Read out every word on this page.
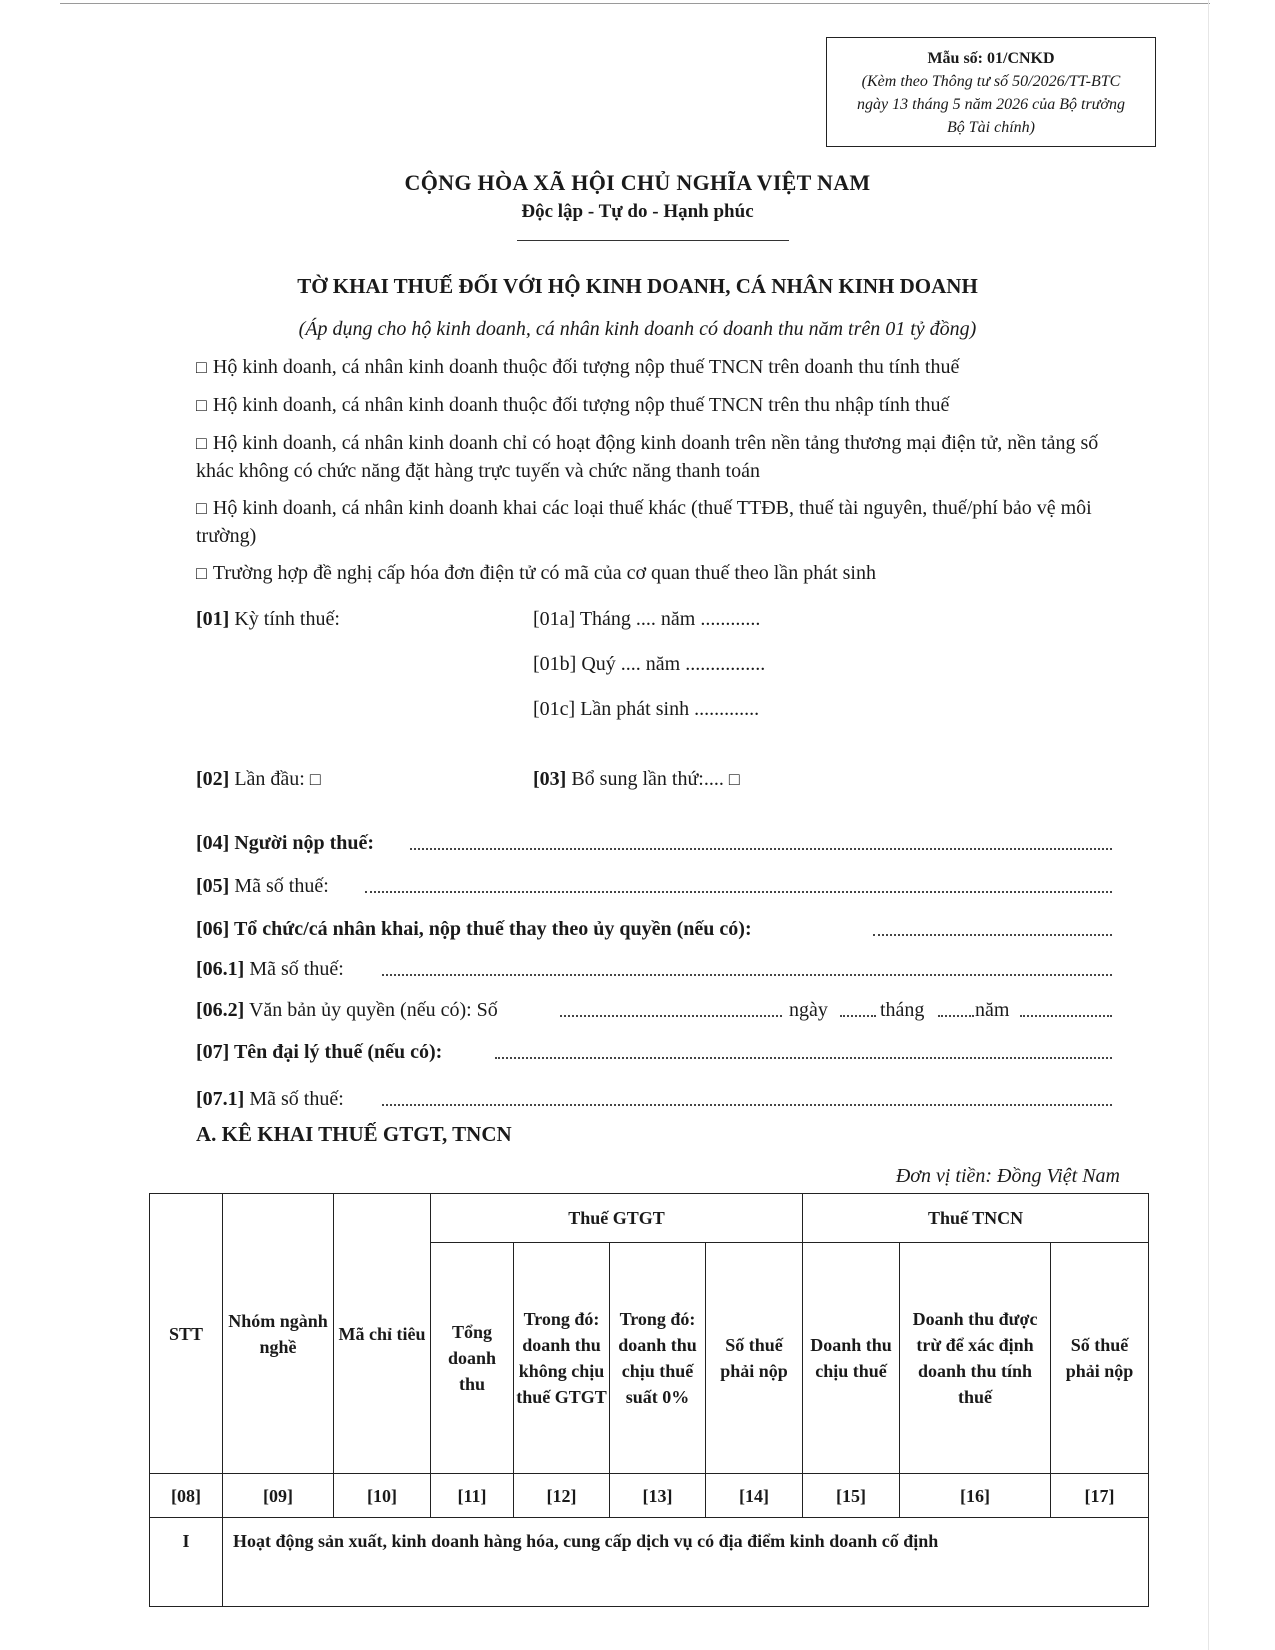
Mẫu số: 01/CNKD
(Kèm theo Thông tư số 50/2026/TT-BTC
ngày 13 tháng 5 năm 2026 của Bộ trưởng
Bộ Tài chính)
CỘNG HÒA XÃ HỘI CHỦ NGHĨA VIỆT NAM
Độc lập - Tự do - Hạnh phúc
TỜ KHAI THUẾ ĐỐI VỚI HỘ KINH DOANH, CÁ NHÂN KINH DOANH
(Áp dụng cho hộ kinh doanh, cá nhân kinh doanh có doanh thu năm trên 01 tỷ đồng)
□ Hộ kinh doanh, cá nhân kinh doanh thuộc đối tượng nộp thuế TNCN trên doanh thu tính thuế
□ Hộ kinh doanh, cá nhân kinh doanh thuộc đối tượng nộp thuế TNCN trên thu nhập tính thuế
□ Hộ kinh doanh, cá nhân kinh doanh chỉ có hoạt động kinh doanh trên nền tảng thương mại điện tử, nền tảng số khác không có chức năng đặt hàng trực tuyến và chức năng thanh toán
□ Hộ kinh doanh, cá nhân kinh doanh khai các loại thuế khác (thuế TTĐB, thuế tài nguyên, thuế/phí bảo vệ môi trường)
□ Trường hợp đề nghị cấp hóa đơn điện tử có mã của cơ quan thuế theo lần phát sinh
[01] Kỳ tính thuế:	[01a] Tháng .... năm ............
[01b] Quý .... năm ................
[01c] Lần phát sinh .............
[02] Lần đầu: □	[03] Bổ sung lần thứ:.... □
[04] Người nộp thuế:
[05] Mã số thuế:
[06] Tổ chức/cá nhân khai, nộp thuế thay theo ủy quyền (nếu có):
[06.1] Mã số thuế:
[06.2] Văn bản ủy quyền (nếu có): Số	ngày	tháng	năm
[07] Tên đại lý thuế (nếu có):
[07.1] Mã số thuế:
A. KÊ KHAI THUẾ GTGT, TNCN
Đơn vị tiền: Đồng Việt Nam
STT	Nhóm ngành nghề	Mã chỉ tiêu	Thuế GTGT				Thuế TNCN		
			Tổng doanh thu	Trong đó: doanh thu không chịu thuế GTGT	Trong đó: doanh thu chịu thuế suất 0%	Số thuế phải nộp	Doanh thu chịu thuế	Doanh thu được trừ để xác định doanh thu tính thuế	Số thuế phải nộp
[08]	[09]	[10]	[11]	[12]	[13]	[14]	[15]	[16]	[17]
I	Hoạt động sản xuất, kinh doanh hàng hóa, cung cấp dịch vụ có địa điểm kinh doanh cố định								
